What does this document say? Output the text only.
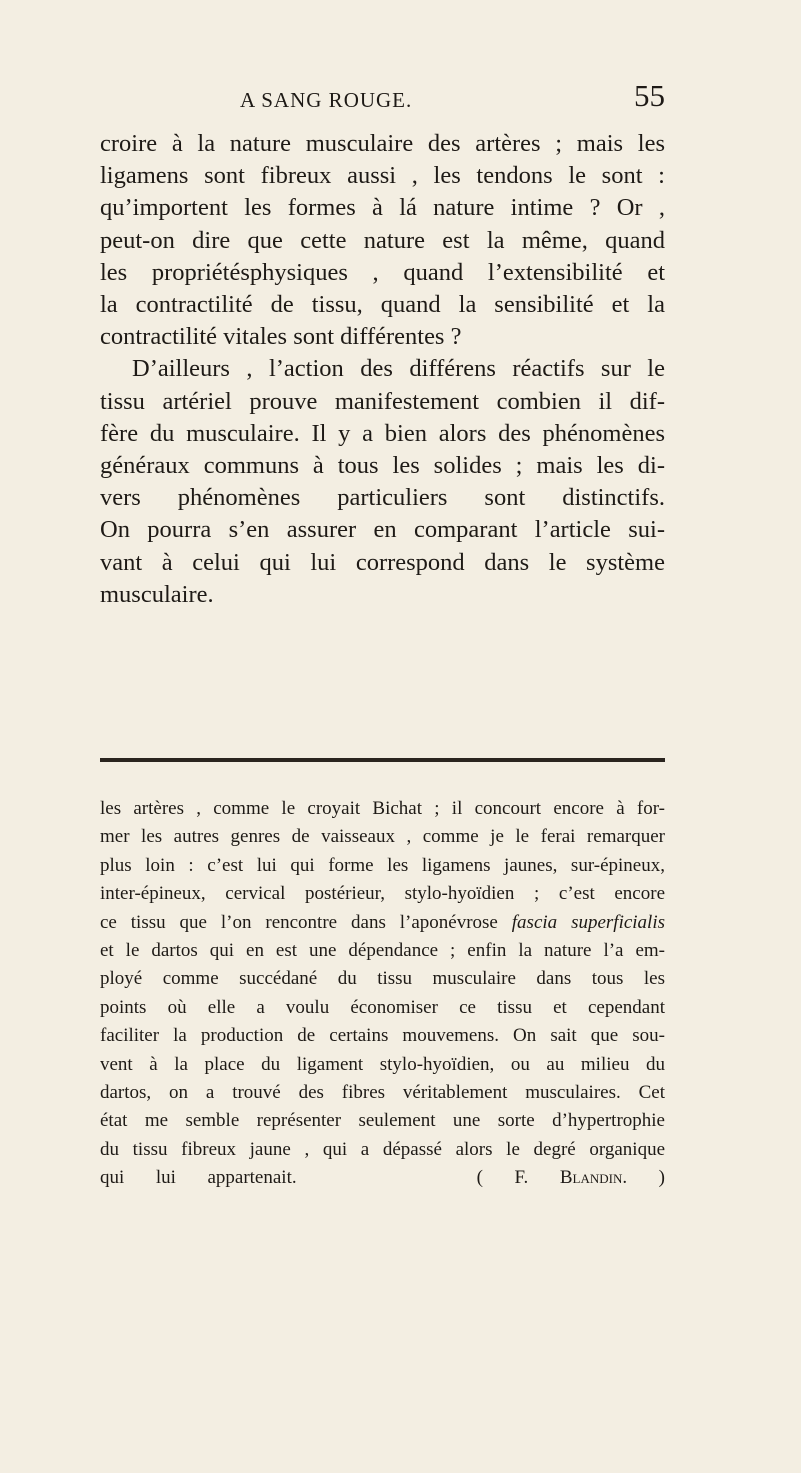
A SANG ROUGE.	55
croire à la nature musculaire des artères ; mais les
ligamens sont fibreux aussi , les tendons le sont :
qu’importent les formes à lá nature intime ? Or ,
peut-on dire que cette nature est la même, quand
les propriétésphysiques , quand l’extensibilité et
la contractilité de tissu, quand la sensibilité et la
contractilité vitales sont différentes ?
D’ailleurs , l’action des différens réactifs sur le
tissu artériel prouve manifestement combien il dif-
fère du musculaire. Il y a bien alors des phénomènes
généraux communs à tous les solides ; mais les di-
vers phénomènes particuliers sont distinctifs.
On pourra s’en assurer en comparant l’article sui-
vant à celui qui lui correspond dans le système
musculaire.
les artères , comme le croyait Bichat ; il concourt encore à for-
mer les autres genres de vaisseaux , comme je le ferai remarquer
plus loin : c’est lui qui forme les ligamens jaunes, sur-épineux,
inter-épineux, cervical postérieur, stylo-hyoïdien ; c’est encore
ce tissu que l’on rencontre dans l’aponévrose fascia superficialis
et le dartos qui en est une dépendance ; enfin la nature l’a em-
ployé comme succédané du tissu musculaire dans tous les
points où elle a voulu économiser ce tissu et cependant
faciliter la production de certains mouvemens. On sait que sou-
vent à la place du ligament stylo-hyoïdien, ou au milieu du
dartos, on a trouvé des fibres véritablement musculaires. Cet
état me semble représenter seulement une sorte d’hypertrophie
du tissu fibreux jaune , qui a dépassé alors le degré organique
qui lui appartenait.	( F. Blandin. )
